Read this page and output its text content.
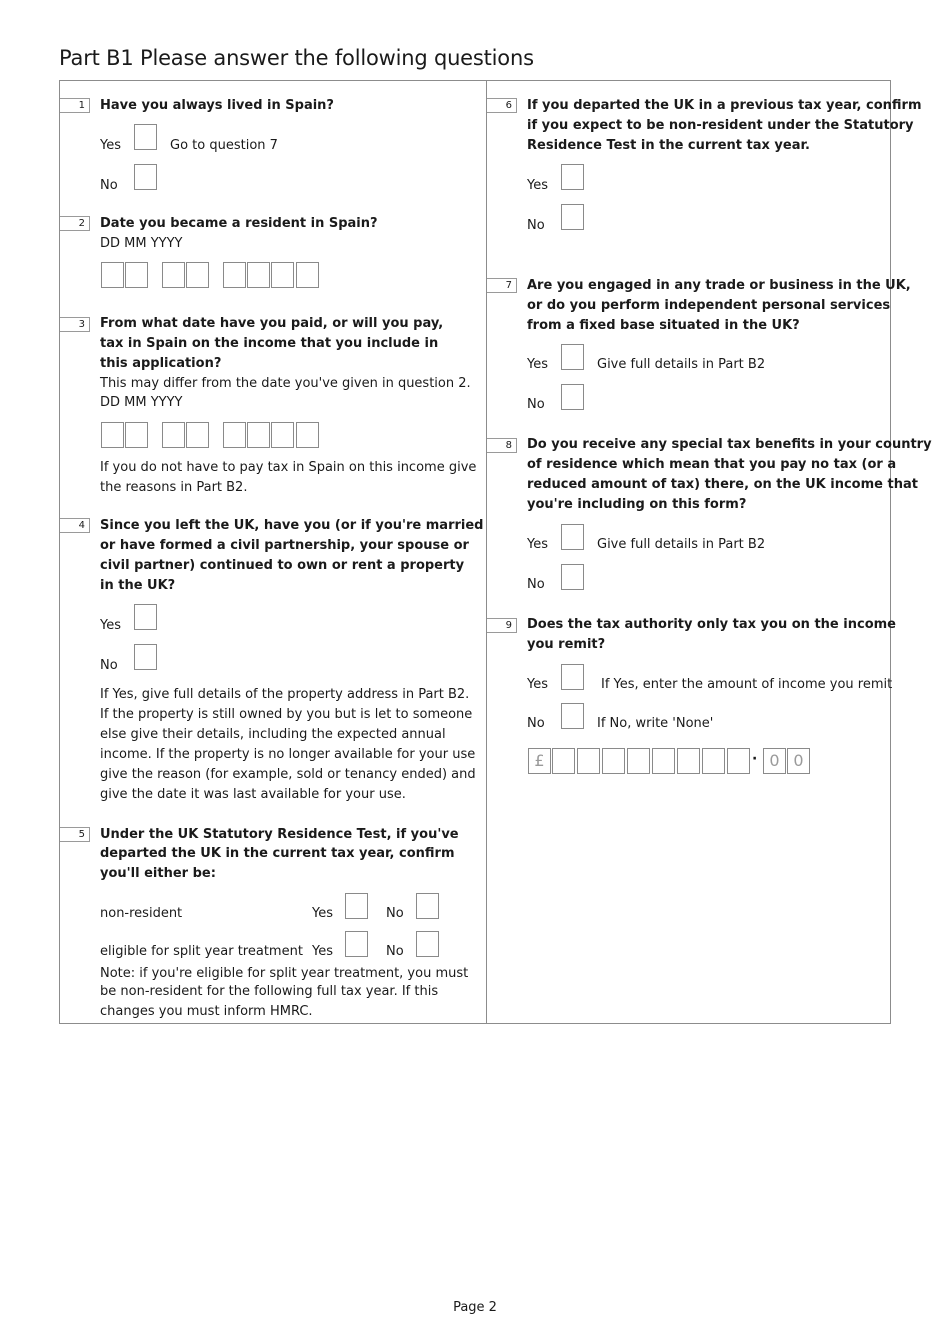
Part B1 Please answer the following questions
1	Have you always lived in Spain?
Yes	Go to question 7
No
2	Date you became a resident in Spain?
DD MM YYYY
3	From what date have you paid, or will you pay,
tax in Spain on the income that you include in
this application?
This may differ from the date you've given in question 2.
DD MM YYYY
If you do not have to pay tax in Spain on this income give
the reasons in Part B2.
4	Since you left the UK, have you (or if you're married
or have formed a civil partnership, your spouse or
civil partner) continued to own or rent a property
in the UK?
Yes
No
If Yes, give full details of the property address in Part B2.
If the property is still owned by you but is let to someone
else give their details, including the expected annual
income. If the property is no longer available for your use
give the reason (for example, sold or tenancy ended) and
give the date it was last available for your use.
5	Under the UK Statutory Residence Test, if you've
departed the UK in the current tax year, confirm
you'll either be:
non-resident	Yes	No
eligible for split year treatment Yes	No
Note: if you're eligible for split year treatment, you must
be non-resident for the following full tax year. If this
changes you must inform HMRC.
6	If you departed the UK in a previous tax year, confirm
if you expect to be non-resident under the Statutory
Residence Test in the current tax year.
Yes
No
7	Are you engaged in any trade or business in the UK,
or do you perform independent personal services
from a fixed base situated in the UK?
Yes	Give full details in Part B2
No
8	Do you receive any special tax benefits in your country
of residence which mean that you pay no tax (or a
reduced amount of tax) there, on the UK income that
you're including on this form?
Yes	Give full details in Part B2
No
9	Does the tax authority only tax you on the income
you remit?
Yes	If Yes, enter the amount of income you remit
No	If No, write 'None'
£	· 0 0
Page 2
